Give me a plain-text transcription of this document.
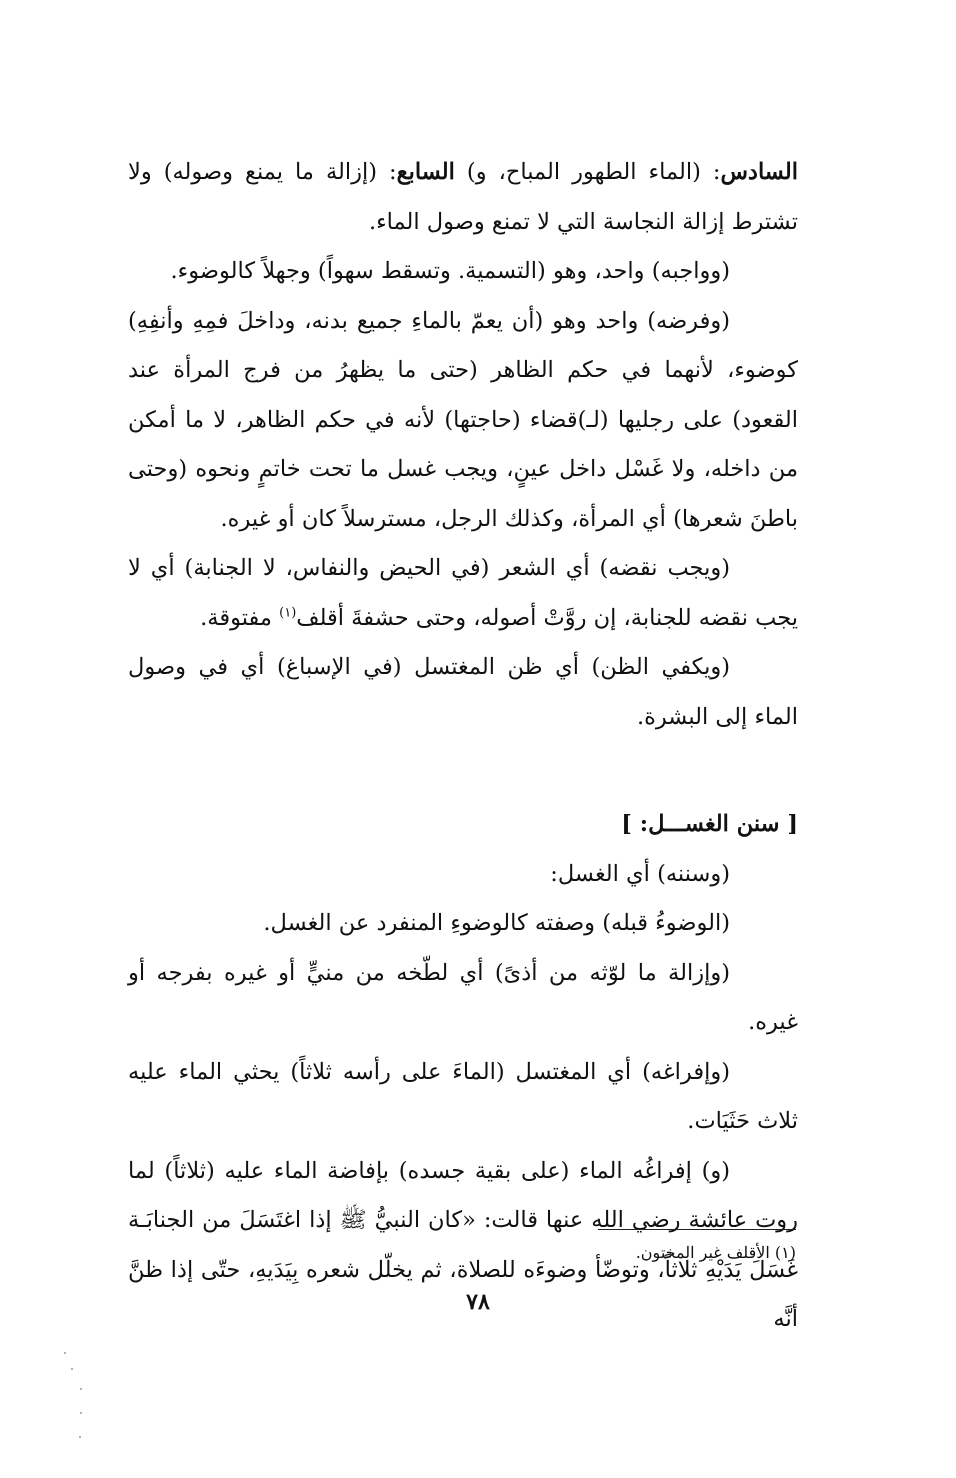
السادس: (الماء الطهور المباح، و) السابع: (إزالة ما يمنع وصوله) ولا تشترط إزالة النجاسة التي لا تمنع وصول الماء.

(وواجبه) واحد، وهو (التسمية. وتسقط سهواً) وجهلاً كالوضوء.

(وفرضه) واحد وهو (أن يعمّ بالماءِ جميع بدنه، وداخلَ فمِهِ وأنفِهِ) كوضوء، لأنهما في حكم الظاهر (حتى ما يظهرُ من فرج المرأة عند القعود) على رجليها (لـ)قضاء (حاجتها) لأنه في حكم الظاهر، لا ما أمكن من داخله، ولا غَسْل داخل عينٍ، ويجب غسل ما تحت خاتمٍ ونحوه (وحتى باطنَ شعرها) أي المرأة، وكذلك الرجل، مسترسلاً كان أو غيره.

(ويجب نقضه) أي الشعر (في الحيض والنفاس، لا الجنابة) أي لا يجب نقضه للجنابة، إن روَّتْ أصوله، وحتى حشفةَ أقلف$^{(١)}$ مفتوقة.

(ويكفي الظن) أي ظن المغتسل (في الإسباغ) أي في وصول الماء إلى البشرة.

[ سنن الغســـل: ]

(وسننه) أي الغسل:

(الوضوءُ قبله) وصفته كالوضوءِ المنفرد عن الغسل.

(وإزالة ما لوّثه من أذىً) أي لطّخه من منيٍّ أو غيره بفرجه أو غيره.

(وإفراغه) أي المغتسل (الماءَ على رأسه ثلاثاً) يحثي الماء عليه ثلاث حَثَيَات.

(و) إفراغُه الماء (على بقية جسده) بإفاضة الماء عليه (ثلاثاً) لما روت عائشة رضي الله عنها قالت: «كان النبيُّ ﷺ إذا اغتَسَلَ من الجنابَـة غَسَلَ يَدَيْهِ ثلاثاً، وتوضّأ وضوءَه للصلاة، ثم يخلّل شعره بِيَدَيهِ، حتّى إذا ظنَّ أنَّه

(١) الأقلف غير المختون.
٧٨
